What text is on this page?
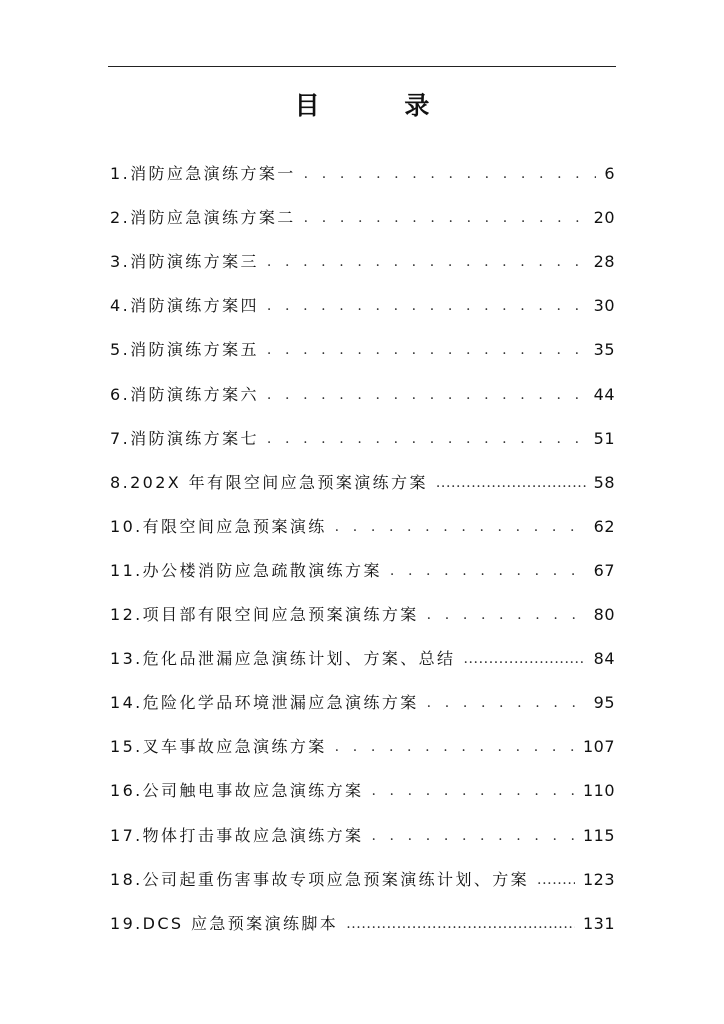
目 录
1.消防应急演练方案一 . . .	6
2.消防应急演练方案二 . . .	20
3.消防演练方案三 . . .	28
4.消防演练方案四 . . .	30
5.消防演练方案五 . . .	35
6.消防演练方案六 . . .	44
7.消防演练方案七 . . .	51
8.202X 年有限空间应急预案演练方案 .....	58
10.有限空间应急预案演练 . . .	62
11.办公楼消防应急疏散演练方案 . . .	67
12.项目部有限空间应急预案演练方案 . . .	80
13.危化品泄漏应急演练计划、方案、总结 .....	84
14.危险化学品环境泄漏应急演练方案 . . .	95
15.叉车事故应急演练方案 . . .	107
16.公司触电事故应急演练方案 . . .	110
17.物体打击事故应急演练方案 . . .	115
18.公司起重伤害事故专项应急预案演练计划、方案 .....	123
19.DCS 应急预案演练脚本 .....	131
